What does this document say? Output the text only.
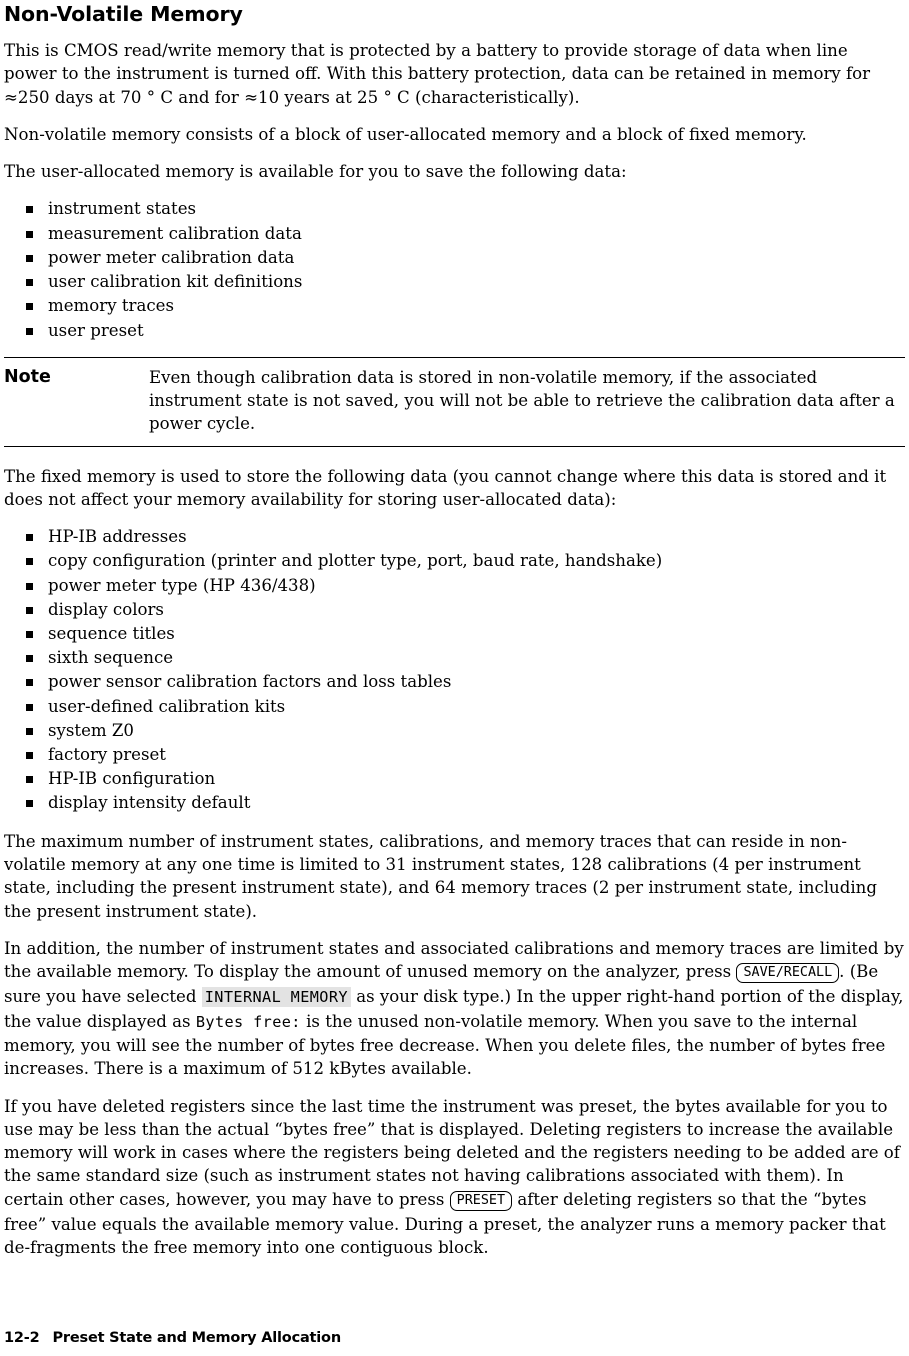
Non-Volatile Memory

This is CMOS read/write memory that is protected by a battery to provide storage of data when line power to the instrument is turned off. With this battery protection, data can be retained in memory for ≈250 days at 70 ° C and for ≈10 years at 25 ° C (characteristically).

Non-volatile memory consists of a block of user-allocated memory and a block of fixed memory.

The user-allocated memory is available for you to save the following data:

instrument states
measurement calibration data
power meter calibration data
user calibration kit definitions
memory traces
user preset
Note	Even though calibration data is stored in non-volatile memory, if the associated instrument state is not saved, you will not be able to retrieve the calibration data after a power cycle.

The fixed memory is used to store the following data (you cannot change where this data is stored and it does not affect your memory availability for storing user-allocated data):

HP-IB addresses
copy configuration (printer and plotter type, port, baud rate, handshake)
power meter type (HP 436/438)
display colors
sequence titles
sixth sequence
power sensor calibration factors and loss tables
user-defined calibration kits
system Z0
factory preset
HP-IB configuration
display intensity default

The maximum number of instrument states, calibrations, and memory traces that can reside in non-volatile memory at any one time is limited to 31 instrument states, 128 calibrations (4 per instrument state, including the present instrument state), and 64 memory traces (2 per instrument state, including the present instrument state).

In addition, the number of instrument states and associated calibrations and memory traces are limited by the available memory. To display the amount of unused memory on the analyzer, press SAVE/RECALL . (Be sure you have selected INTERNAL MEMORY as your disk type.) In the upper right-hand portion of the display, the value displayed as Bytes free: is the unused non-volatile memory. When you save to the internal memory, you will see the number of bytes free decrease. When you delete files, the number of bytes free increases. There is a maximum of 512 kBytes available.

If you have deleted registers since the last time the instrument was preset, the bytes available for you to use may be less than the actual “bytes free” that is displayed. Deleting registers to increase the available memory will work in cases where the registers being deleted and the registers needing to be added are of the same standard size (such as instrument states not having calibrations associated with them). In certain other cases, however, you may have to press PRESET after deleting registers so that the “bytes free” value equals the available memory value. During a preset, the analyzer runs a memory packer that de-fragments the free memory into one contiguous block.

12-2 Preset State and Memory Allocation
